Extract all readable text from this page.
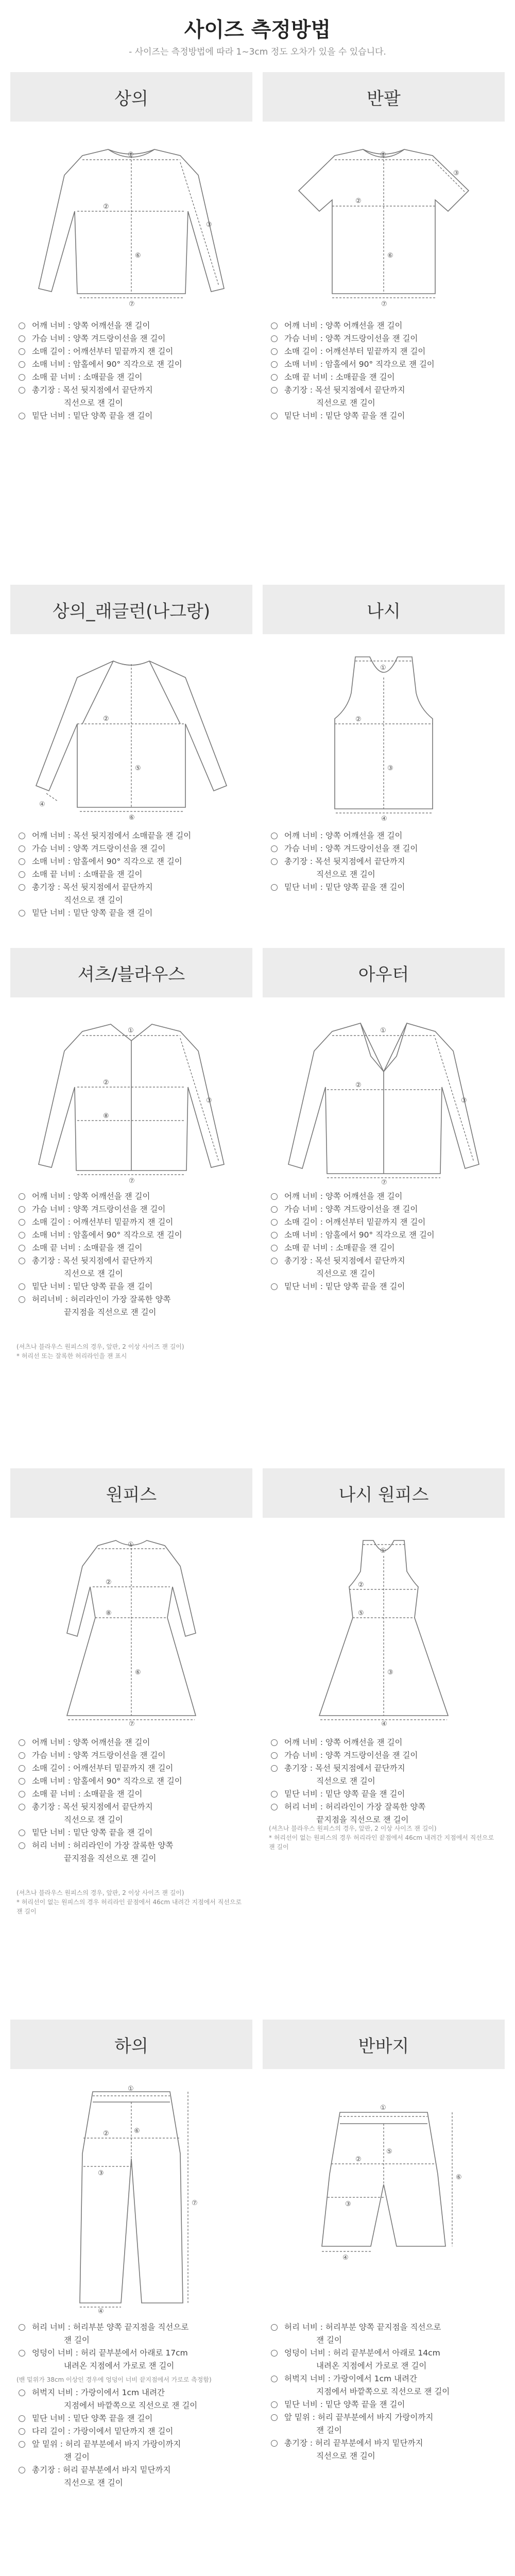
사이즈 측정방법

- 사이즈는 측정방법에 따라 1~3cm 정도 오차가 있을 수 있습니다.

상의
①
②
③
⑥
⑦
어깨 너비 : 양쪽 어깨선을 잰 길이
가슴 너비 : 양쪽 겨드랑이선을 잰 길이
소매 길이 : 어깨선부터 밑끝까지 잰 길이
소매 너비 : 암홀에서 90° 직각으로 잰 길이
소매 끝 너비 : 소매끝을 잰 길이
총기장 : 목선 뒷지점에서 끝단까지
직선으로 잰 길이
밑단 너비 : 밑단 양쪽 끝을 잰 길이
반팔
①
②
③
⑥
⑦
어깨 너비 : 양쪽 어깨선을 잰 길이
가슴 너비 : 양쪽 겨드랑이선을 잰 길이
소매 길이 : 어깨선부터 밑끝까지 잰 길이
소매 너비 : 암홀에서 90° 직각으로 잰 길이
소매 끝 너비 : 소매끝을 잰 길이
총기장 : 목선 뒷지점에서 끝단까지
직선으로 잰 길이
밑단 너비 : 밑단 양쪽 끝을 잰 길이
상의_래글런(나그랑)
②
⑤
⑥
④
어깨 너비 : 목선 뒷지점에서 소매끝을 잰 길이
가슴 너비 : 양쪽 겨드랑이선을 잰 길이
소매 너비 : 암홀에서 90° 직각으로 잰 길이
소매 끝 너비 : 소매끝을 잰 길이
총기장 : 목선 뒷지점에서 끝단까지
직선으로 잰 길이
밑단 너비 : 밑단 양쪽 끝을 잰 길이
나시
①
②
③
④
어깨 너비 : 양쪽 어깨선을 잰 길이
가슴 너비 : 양쪽 겨드랑이선을 잰 길이
총기장 : 목선 뒷지점에서 끝단까지
직선으로 잰 길이
밑단 너비 : 밑단 양쪽 끝을 잰 길이
셔츠/블라우스
①
②
⑧
③
⑦
어깨 너비 : 양쪽 어깨선을 잰 길이
가슴 너비 : 양쪽 겨드랑이선을 잰 길이
소매 길이 : 어깨선부터 밑끝까지 잰 길이
소매 너비 : 암홀에서 90° 직각으로 잰 길이
소매 끝 너비 : 소매끝을 잰 길이
총기장 : 목선 뒷지점에서 끝단까지
직선으로 잰 길이
밑단 너비 : 밑단 양쪽 끝을 잰 길이
허리너비 : 허리라인이 가장 잘록한 양쪽
끝지점을 직선으로 잰 길이

(셔츠나 블라우스 원피스의 경우, 앞판, 2 이상 사이즈 잰 길이)

* 허리선 또는 잘록한 허리라인을 잰 표시

아우터
①
②
③
⑦
어깨 너비 : 양쪽 어깨선을 잰 길이
가슴 너비 : 양쪽 겨드랑이선을 잰 길이
소매 길이 : 어깨선부터 밑끝까지 잰 길이
소매 너비 : 암홀에서 90° 직각으로 잰 길이
소매 끝 너비 : 소매끝을 잰 길이
총기장 : 목선 뒷지점에서 끝단까지
직선으로 잰 길이
밑단 너비 : 밑단 양쪽 끝을 잰 길이
원피스
①
②
⑧
⑥
⑦
어깨 너비 : 양쪽 어깨선을 잰 길이
가슴 너비 : 양쪽 겨드랑이선을 잰 길이
소매 길이 : 어깨선부터 밑끝까지 잰 길이
소매 너비 : 암홀에서 90° 직각으로 잰 길이
소매 끝 너비 : 소매끝을 잰 길이
총기장 : 목선 뒷지점에서 끝단까지
직선으로 잰 길이
밑단 너비 : 밑단 양쪽 끝을 잰 길이
허리 너비 : 허리라인이 가장 잘록한 양쪽
끝지점을 직선으로 잰 길이

(셔츠나 블라우스 원피스의 경우, 앞판, 2 이상 사이즈 잰 길이)

* 허리선이 없는 원피스의 경우 허리라인 끝점에서 46cm 내려간 지점에서 직선으로 잰 길이

나시 원피스
①
②
⑤
③
④
어깨 너비 : 양쪽 어깨선을 잰 길이
가슴 너비 : 양쪽 겨드랑이선을 잰 길이
총기장 : 목선 뒷지점에서 끝단까지
직선으로 잰 길이
밑단 너비 : 밑단 양쪽 끝을 잰 길이
허리 너비 : 허리라인이 가장 잘록한 양쪽
끝지점을 직선으로 잰 길이

(셔츠나 블라우스 원피스의 경우, 앞판, 2 이상 사이즈 잰 길이)

* 허리선이 없는 원피스의 경우 허리라인 끝점에서 46cm 내려간 지점에서 직선으로 잰 길이

하의
①
②
③
⑥
⑦
④
허리 너비 : 허리부분 양쪽 끝지점을 직선으로
잰 길이
엉덩이 너비 : 허리 끝부분에서 아래로 17cm
내려온 지점에서 가로로 잰 길이

(밴 밑위가 38cm 이상인 경우에 엉덩이 너비 끝지점에서 가로로 측정함)

허벅지 너비 : 가랑이에서 1cm 내려간
지점에서 바깥쪽으로 직선으로 잰 길이
밑단 너비 : 밑단 양쪽 끝을 잰 길이
다리 길이 : 가랑이에서 밑단까지 잰 길이
앞 밑위 : 허리 끝부분에서 바지 가랑이까지
잰 길이
총기장 : 허리 끝부분에서 바지 밑단까지
직선으로 잰 길이
반바지
①
②
③
⑤
⑥
④
허리 너비 : 허리부분 양쪽 끝지점을 직선으로
잰 길이
엉덩이 너비 : 허리 끝부분에서 아래로 14cm
내려온 지점에서 가로로 잰 길이
허벅지 너비 : 가랑이에서 1cm 내려간
지점에서 바깥쪽으로 직선으로 잰 길이
밑단 너비 : 밑단 양쪽 끝을 잰 길이
앞 밑위 : 허리 끝부분에서 바지 가랑이까지
잰 길이
총기장 : 허리 끝부분에서 바지 밑단까지
직선으로 잰 길이
